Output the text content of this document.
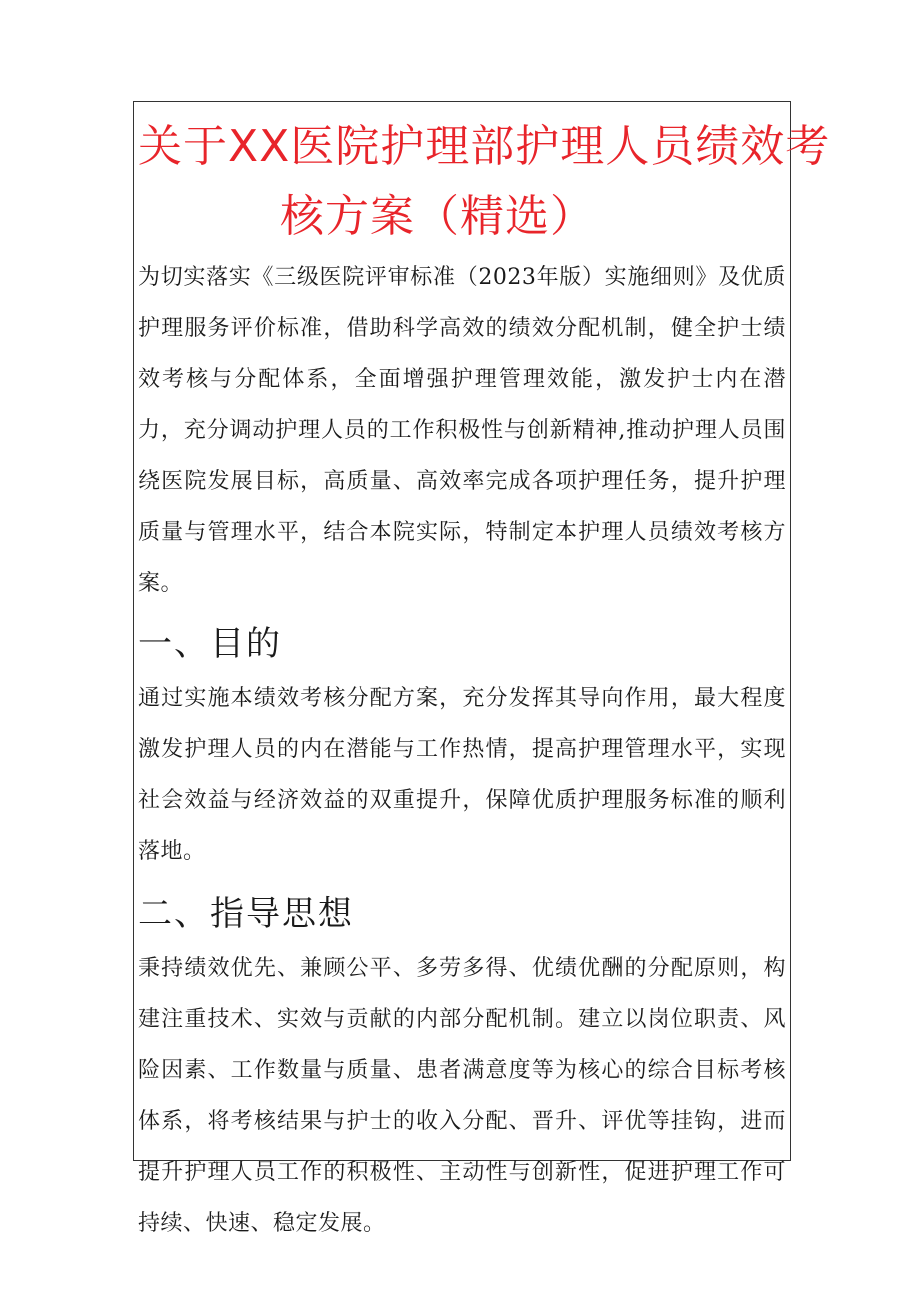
关于XX医院护理部护理人员绩效考
核方案（精选）

为切实落实《三级医院评审标准（2023年版）实施细则》及优质护理服务评价标准，借助科学高效的绩效分配机制，健全护士绩效考核与分配体系，全面增强护理管理效能，激发护士内在潜力，充分调动护理人员的工作积极性与创新精神,推动护理人员围绕医院发展目标，高质量、高效率完成各项护理任务，提升护理质量与管理水平，结合本院实际，特制定本护理人员绩效考核方案。

一、目的

通过实施本绩效考核分配方案，充分发挥其导向作用，最大程度激发护理人员的内在潜能与工作热情，提高护理管理水平，实现社会效益与经济效益的双重提升，保障优质护理服务标准的顺利落地。

二、指导思想

秉持绩效优先、兼顾公平、多劳多得、优绩优酬的分配原则，构建注重技术、实效与贡献的内部分配机制。建立以岗位职责、风险因素、工作数量与质量、患者满意度等为核心的综合目标考核体系，将考核结果与护士的收入分配、晋升、评优等挂钩，进而提升护理人员工作的积极性、主动性与创新性，促进护理工作可持续、快速、稳定发展。
